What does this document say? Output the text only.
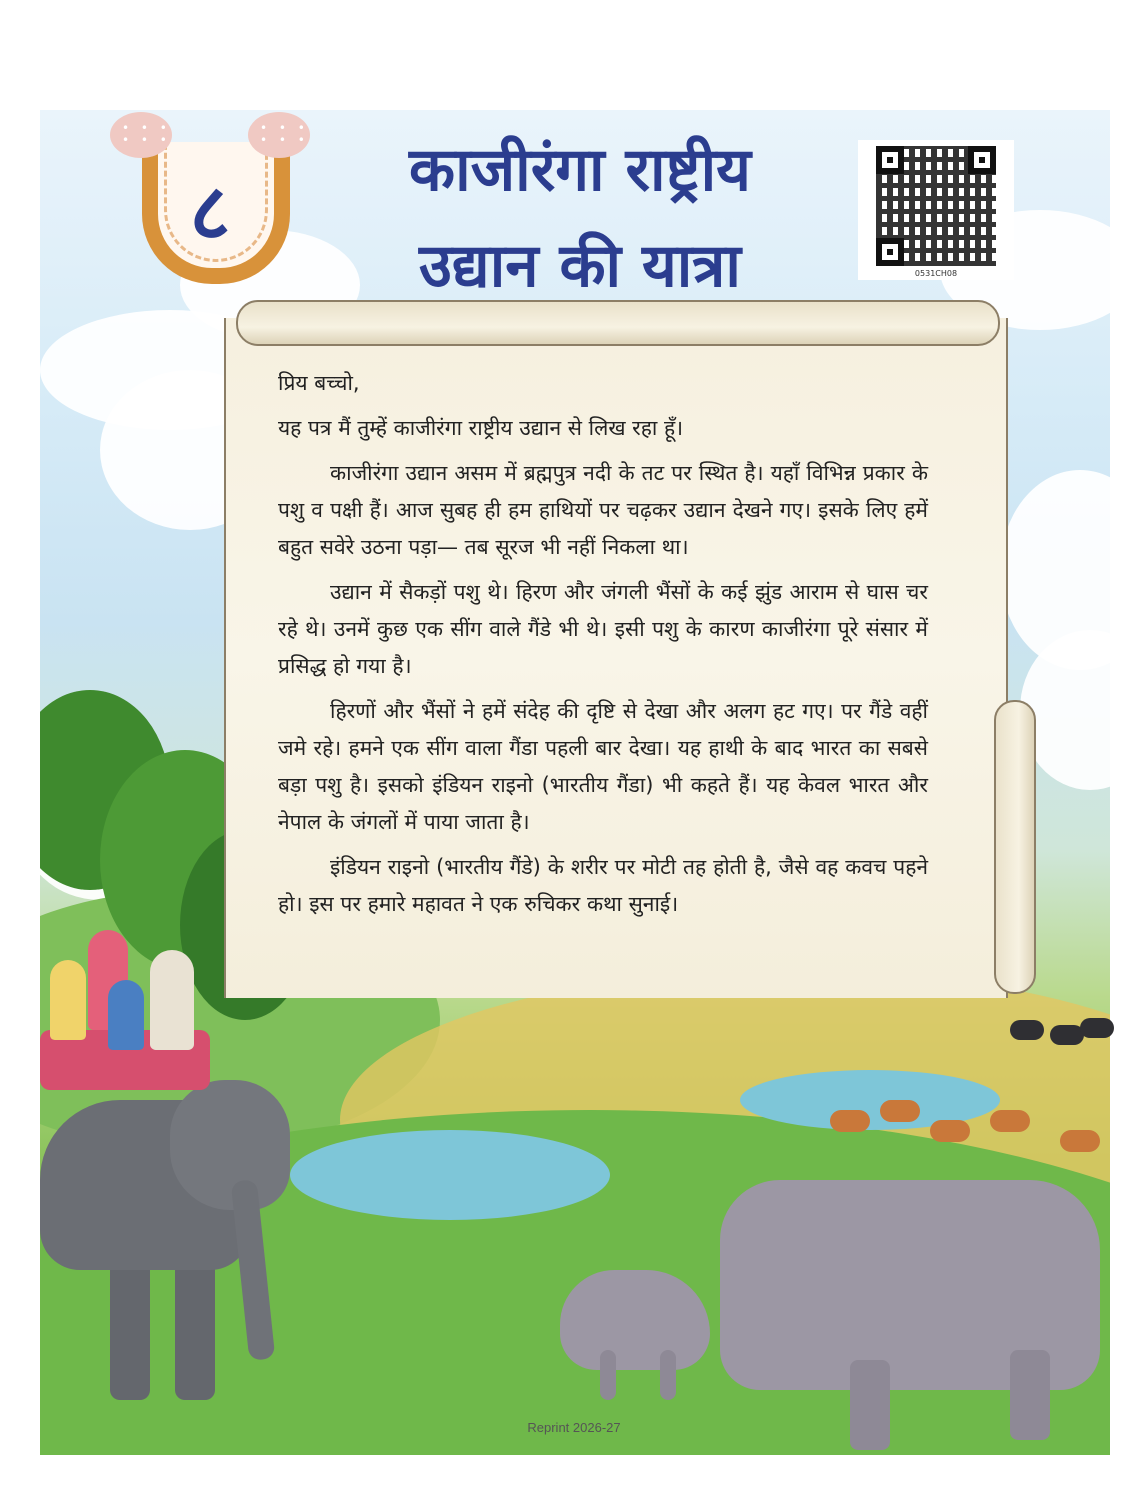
• • •
• • •
• • •
• • •
८	काजीरंगा राष्ट्रीय
उद्यान की यात्रा	0531CH08

प्रिय बच्चो,

यह पत्र मैं तुम्हें काजीरंगा राष्ट्रीय उद्यान से लिख रहा हूँ।

काजीरंगा उद्यान असम में ब्रह्मपुत्र नदी के तट पर स्थित है। यहाँ विभिन्न प्रकार के पशु व पक्षी हैं। आज सुबह ही हम हाथियों पर चढ़कर उद्यान देखने गए। इसके लिए हमें बहुत सवेरे उठना पड़ा— तब सूरज भी नहीं निकला था।

उद्यान में सैकड़ों पशु थे। हिरण और जंगली भैंसों के कई झुंड आराम से घास चर रहे थे। उनमें कुछ एक सींग वाले गैंडे भी थे। इसी पशु के कारण काजीरंगा पूरे संसार में प्रसिद्ध हो गया है।

हिरणों और भैंसों ने हमें संदेह की दृष्टि से देखा और अलग हट गए। पर गैंडे वहीं जमे रहे। हमने एक सींग वाला गैंडा पहली बार देखा। यह हाथी के बाद भारत का सबसे बड़ा पशु है। इसको इंडियन राइनो (भारतीय गैंडा) भी कहते हैं। यह केवल भारत और नेपाल के जंगलों में पाया जाता है।

इंडियन राइनो (भारतीय गैंडे) के शरीर पर मोटी तह होती है, जैसे वह कवच पहने हो। इस पर हमारे महावत ने एक रुचिकर कथा सुनाई।

Reprint 2026-27
